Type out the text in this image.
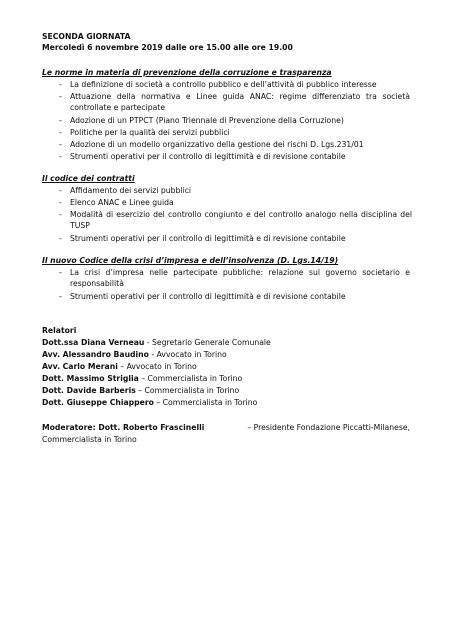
SECONDA GIORNATA
Mercoledì 6 novembre 2019 dalle ore 15.00 alle ore 19.00
Le norme in materia di prevenzione della corruzione e trasparenza
- La definizione di società a controllo pubblico e dell’attività di pubblico interesse
- Attuazione della normativa e Linee guida ANAC: regime differenziato tra società controllate e partecipate
- Adozione di un PTPCT (Piano Triennale di Prevenzione della Corruzione)
- Politiche per la qualità dei servizi pubblici
- Adozione di un modello organizzativo della gestione dei rischi D. Lgs.231/01
- Strumenti operativi per il controllo di legittimità e di revisione contabile
Il codice dei contratti
- Affidamento dei servizi pubblici
- Elenco ANAC e Linee guida
- Modalità di esercizio del controllo congiunto e del controllo analogo nella disciplina del TUSP
- Strumenti operativi per il controllo di legittimità e di revisione contabile
Il nuovo Codice della crisi d’impresa e dell’insolvenza (D. Lgs.14/19)
- La crisi d’impresa nelle partecipate pubbliche: relazione sul governo societario e responsabilità
- Strumenti operativi per il controllo di legittimità e di revisione contabile
Relatori
Dott.ssa Diana Verneau - Segretario Generale Comunale
Avv. Alessandro Baudino - Avvocato in Torino
Avv. Carlo Merani – Avvocato in Torino
Dott. Massimo Striglia – Commercialista in Torino
Dott. Davide Barberis – Commercialista in Torino
Dott. Giuseppe Chiappero – Commercialista in Torino
Moderatore: Dott. Roberto Frascinelli	– Presidente Fondazione Piccatti-Milanese,
Commercialista in Torino
